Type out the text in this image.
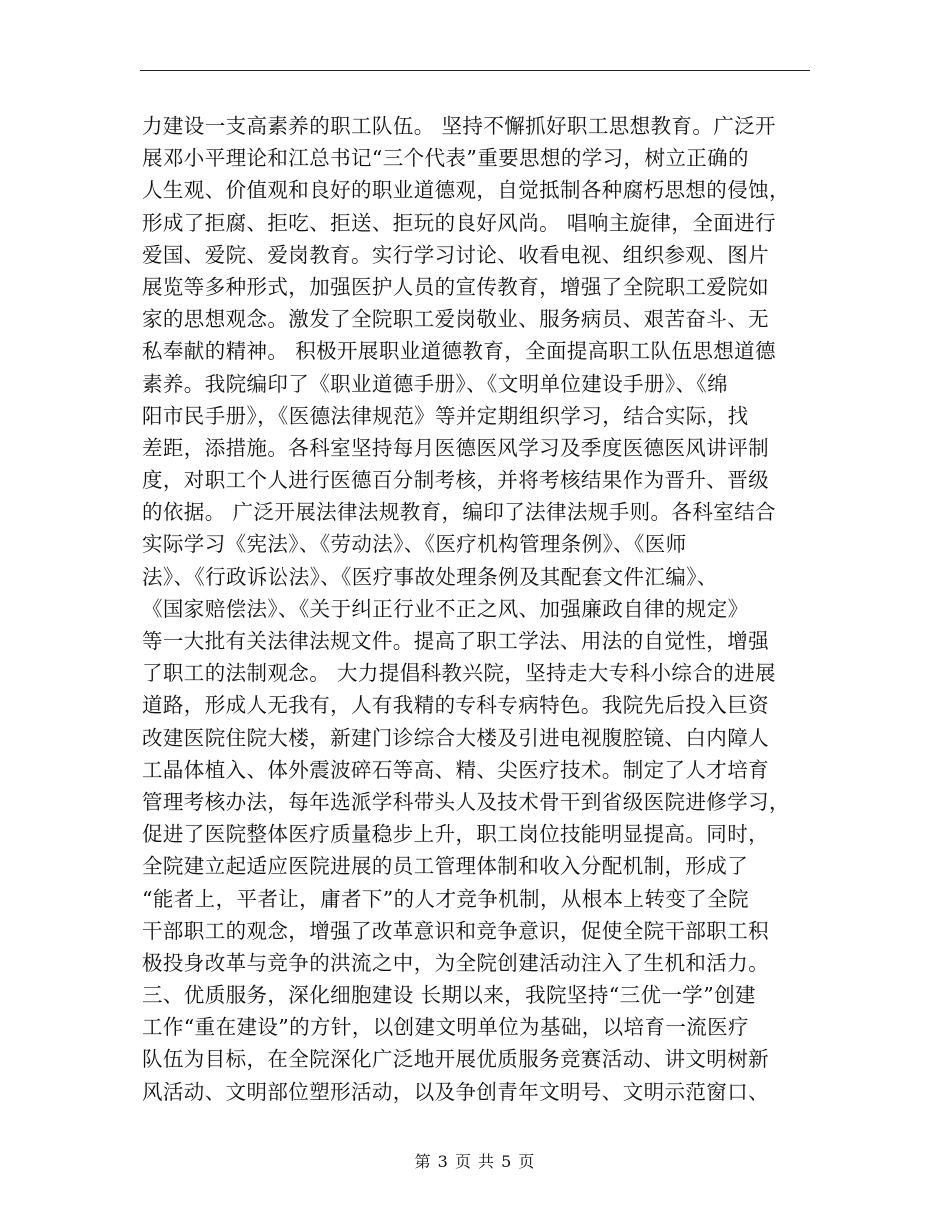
力建设一支高素养的职工队伍。 坚持不懈抓好职工思想教育。广泛开
展邓小平理论和江总书记“三个代表”重要思想的学习，树立正确的
人生观、价值观和良好的职业道德观，自觉抵制各种腐朽思想的侵蚀，
形成了拒腐、拒吃、拒送、拒玩的良好风尚。 唱响主旋律，全面进行
爱国、爱院、爱岗教育。实行学习讨论、收看电视、组织参观、图片
展览等多种形式，加强医护人员的宣传教育，增强了全院职工爱院如
家的思想观念。激发了全院职工爱岗敬业、服务病员、艰苦奋斗、无
私奉献的精神。 积极开展职业道德教育，全面提高职工队伍思想道德
素养。我院编印了《职业道德手册》、《文明单位建设手册》、《绵
阳市民手册》，《医德法律规范》等并定期组织学习，结合实际，找
差距，添措施。各科室坚持每月医德医风学习及季度医德医风讲评制
度，对职工个人进行医德百分制考核，并将考核结果作为晋升、晋级
的依据。 广泛开展法律法规教育，编印了法律法规手则。各科室结合
实际学习《宪法》、《劳动法》、《医疗机构管理条例》、《医师
法》、《行政诉讼法》、《医疗事故处理条例及其配套文件汇编》、
《国家赔偿法》、《关于纠正行业不正之风、加强廉政自律的规定》
等一大批有关法律法规文件。提高了职工学法、用法的自觉性，增强
了职工的法制观念。 大力提倡科教兴院，坚持走大专科小综合的进展
道路，形成人无我有，人有我精的专科专病特色。我院先后投入巨资
改建医院住院大楼，新建门诊综合大楼及引进电视腹腔镜、白内障人
工晶体植入、体外震波碎石等高、精、尖医疗技术。制定了人才培育
管理考核办法，每年选派学科带头人及技术骨干到省级医院进修学习，
促进了医院整体医疗质量稳步上升，职工岗位技能明显提高。同时，
全院建立起适应医院进展的员工管理体制和收入分配机制，形成了
“能者上，平者让，庸者下”的人才竞争机制，从根本上转变了全院
干部职工的观念，增强了改革意识和竞争意识，促使全院干部职工积
极投身改革与竞争的洪流之中，为全院创建活动注入了生机和活力。
三、优质服务，深化细胞建设 长期以来，我院坚持“三优一学”创建
工作“重在建设”的方针，以创建文明单位为基础，以培育一流医疗
队伍为目标，在全院深化广泛地开展优质服务竞赛活动、讲文明树新
风活动、文明部位塑形活动，以及争创青年文明号、文明示范窗口、
第 3 页 共 5 页
